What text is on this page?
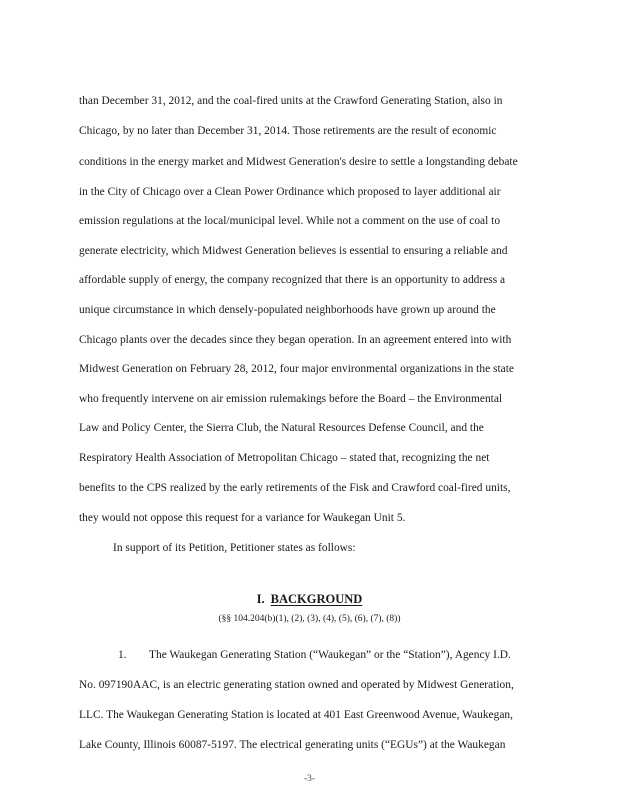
than December 31, 2012, and the coal-fired units at the Crawford Generating Station, also in
Chicago, by no later than December 31, 2014. Those retirements are the result of economic
conditions in the energy market and Midwest Generation's desire to settle a longstanding debate
in the City of Chicago over a Clean Power Ordinance which proposed to layer additional air
emission regulations at the local/municipal level. While not a comment on the use of coal to
generate electricity, which Midwest Generation believes is essential to ensuring a reliable and
affordable supply of energy, the company recognized that there is an opportunity to address a
unique circumstance in which densely-populated neighborhoods have grown up around the
Chicago plants over the decades since they began operation. In an agreement entered into with
Midwest Generation on February 28, 2012, four major environmental organizations in the state
who frequently intervene on air emission rulemakings before the Board – the Environmental
Law and Policy Center, the Sierra Club, the Natural Resources Defense Council, and the
Respiratory Health Association of Metropolitan Chicago – stated that, recognizing the net
benefits to the CPS realized by the early retirements of the Fisk and Crawford coal-fired units,
they would not oppose this request for a variance for Waukegan Unit 5.
In support of its Petition, Petitioner states as follows:
I. BACKGROUND
(§§ 104.204(b)(1), (2), (3), (4), (5), (6), (7), (8))
1. The Waukegan Generating Station (“Waukegan” or the “Station”), Agency I.D.
No. 097190AAC, is an electric generating station owned and operated by Midwest Generation,
LLC. The Waukegan Generating Station is located at 401 East Greenwood Avenue, Waukegan,
Lake County, Illinois 60087-5197. The electrical generating units (“EGUs”) at the Waukegan
-3-
